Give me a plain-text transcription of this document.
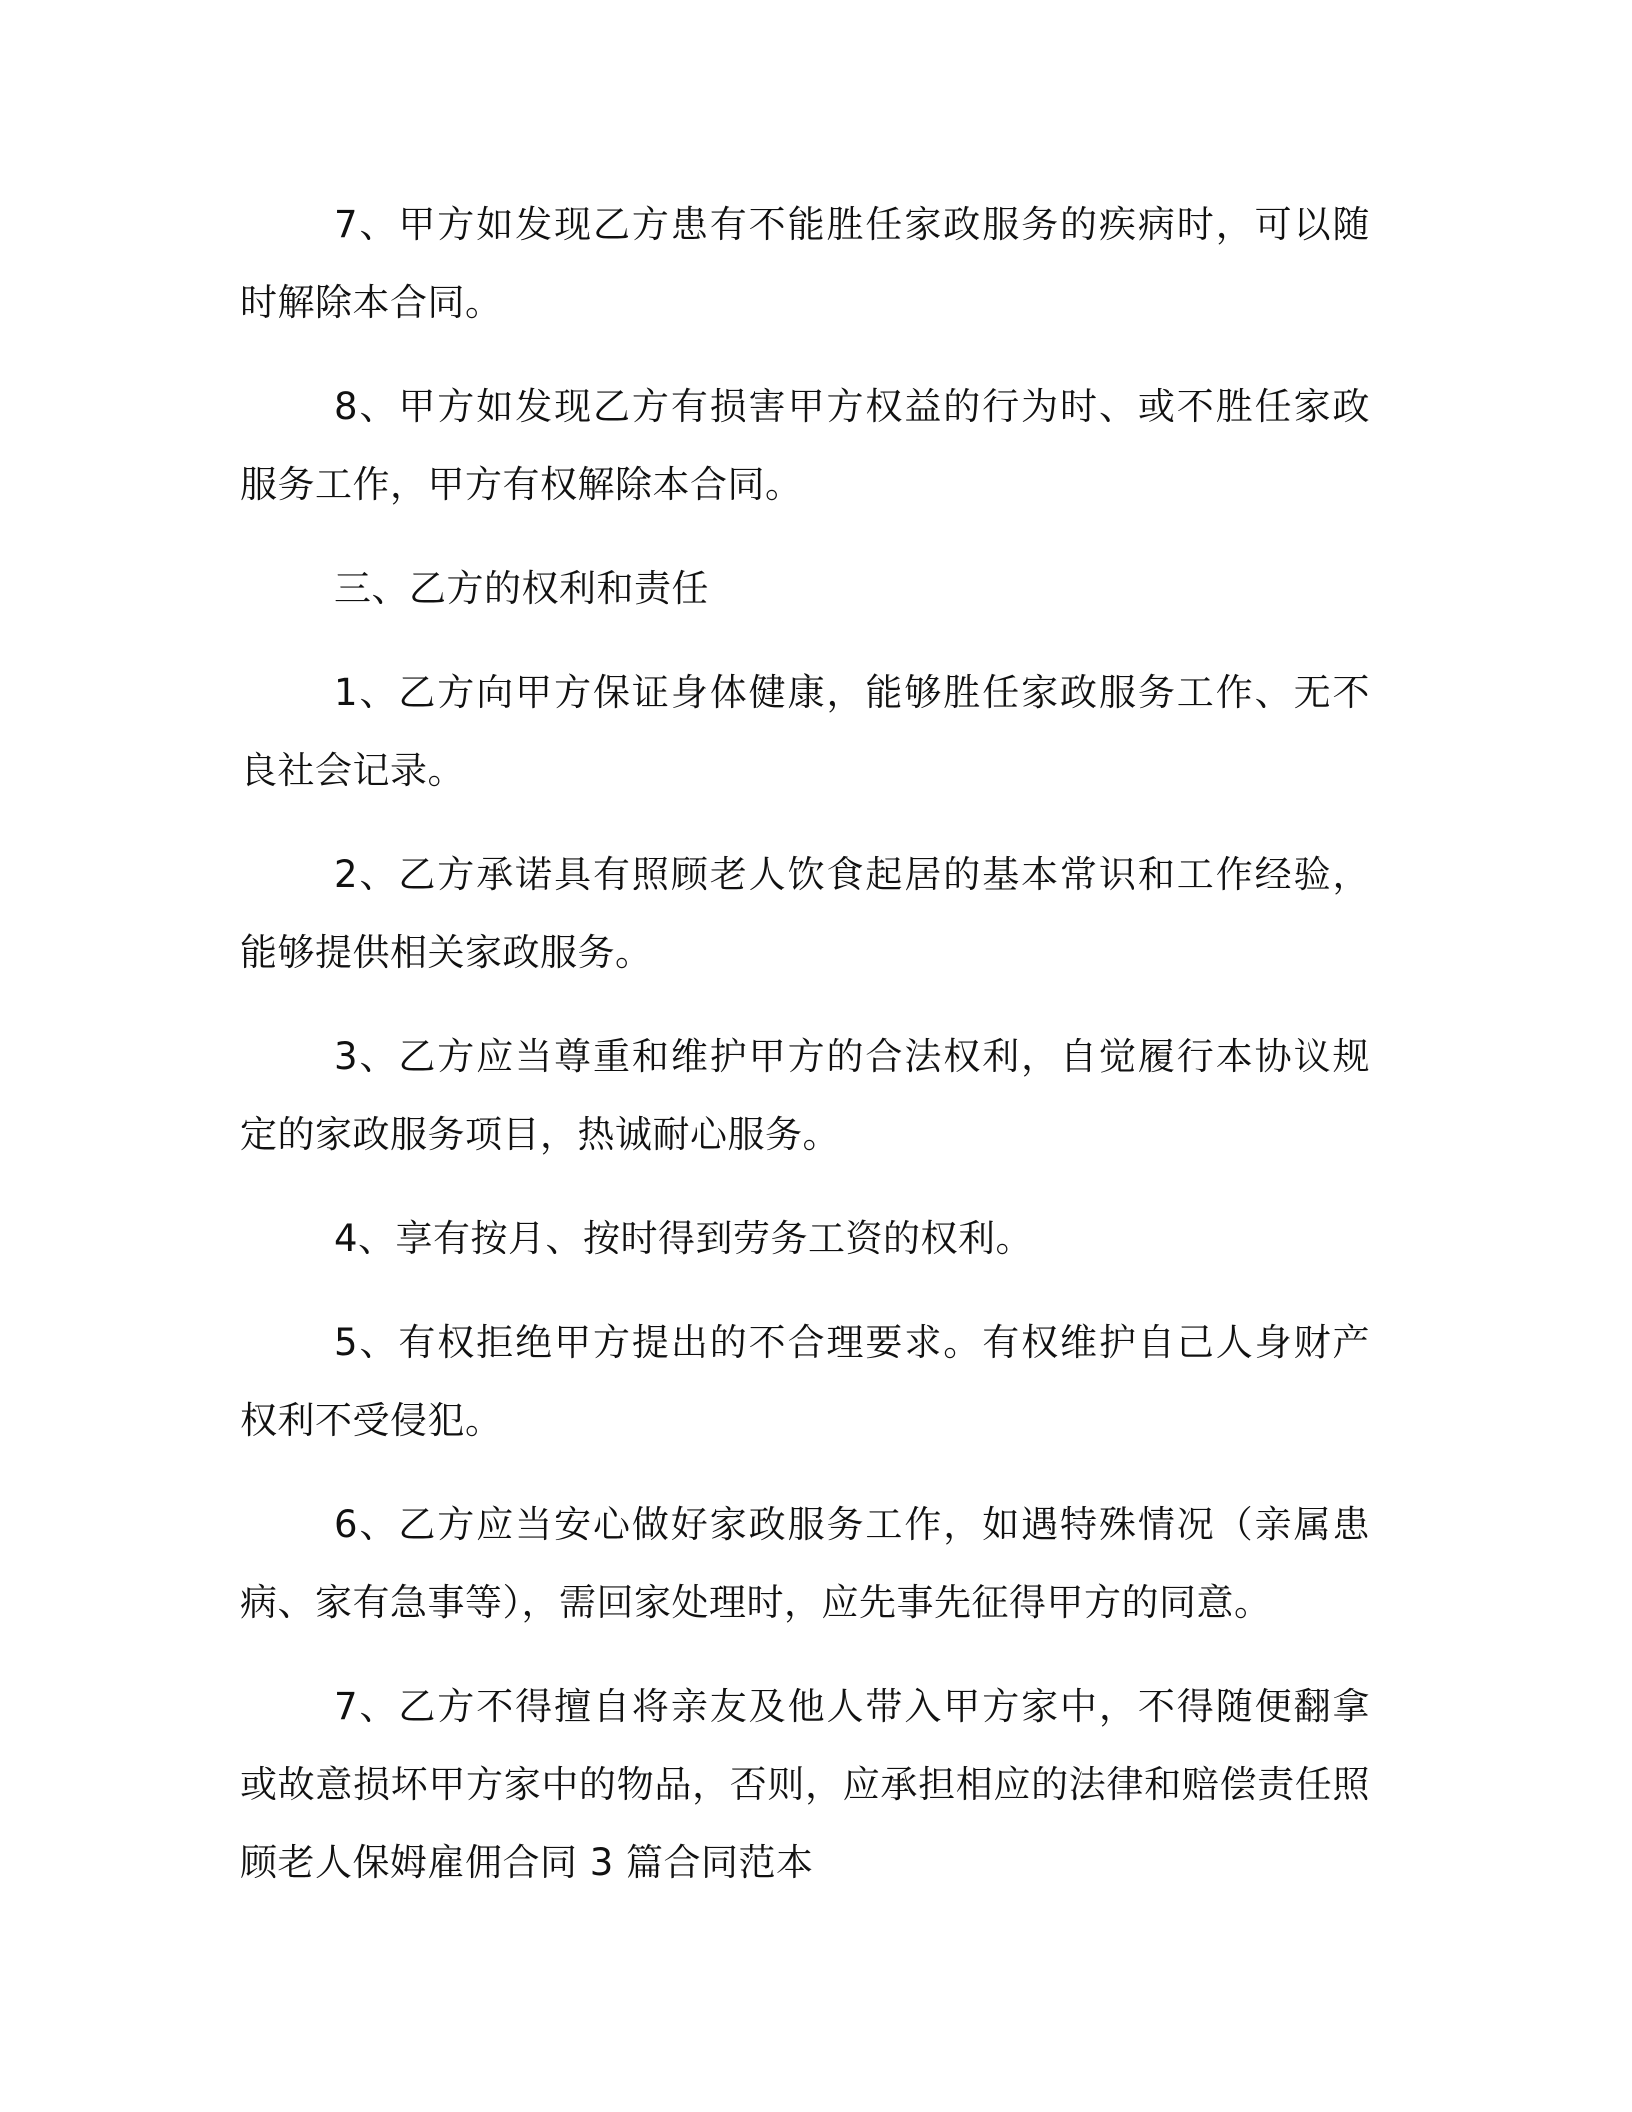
7、甲方如发现乙方患有不能胜任家政服务的疾病时，可以随时解除本合同。

8、甲方如发现乙方有损害甲方权益的行为时、或不胜任家政服务工作，甲方有权解除本合同。

三、乙方的权利和责任

1、乙方向甲方保证身体健康，能够胜任家政服务工作、无不良社会记录。

2、乙方承诺具有照顾老人饮食起居的基本常识和工作经验，能够提供相关家政服务。

3、乙方应当尊重和维护甲方的合法权利，自觉履行本协议规定的家政服务项目，热诚耐心服务。

4、享有按月、按时得到劳务工资的权利。

5、有权拒绝甲方提出的不合理要求。有权维护自己人身财产权利不受侵犯。

6、乙方应当安心做好家政服务工作，如遇特殊情况（亲属患病、家有急事等），需回家处理时，应先事先征得甲方的同意。

7、乙方不得擅自将亲友及他人带入甲方家中，不得随便翻拿或故意损坏甲方家中的物品，否则，应承担相应的法律和赔偿责任照顾老人保姆雇佣合同 3 篇合同范本
